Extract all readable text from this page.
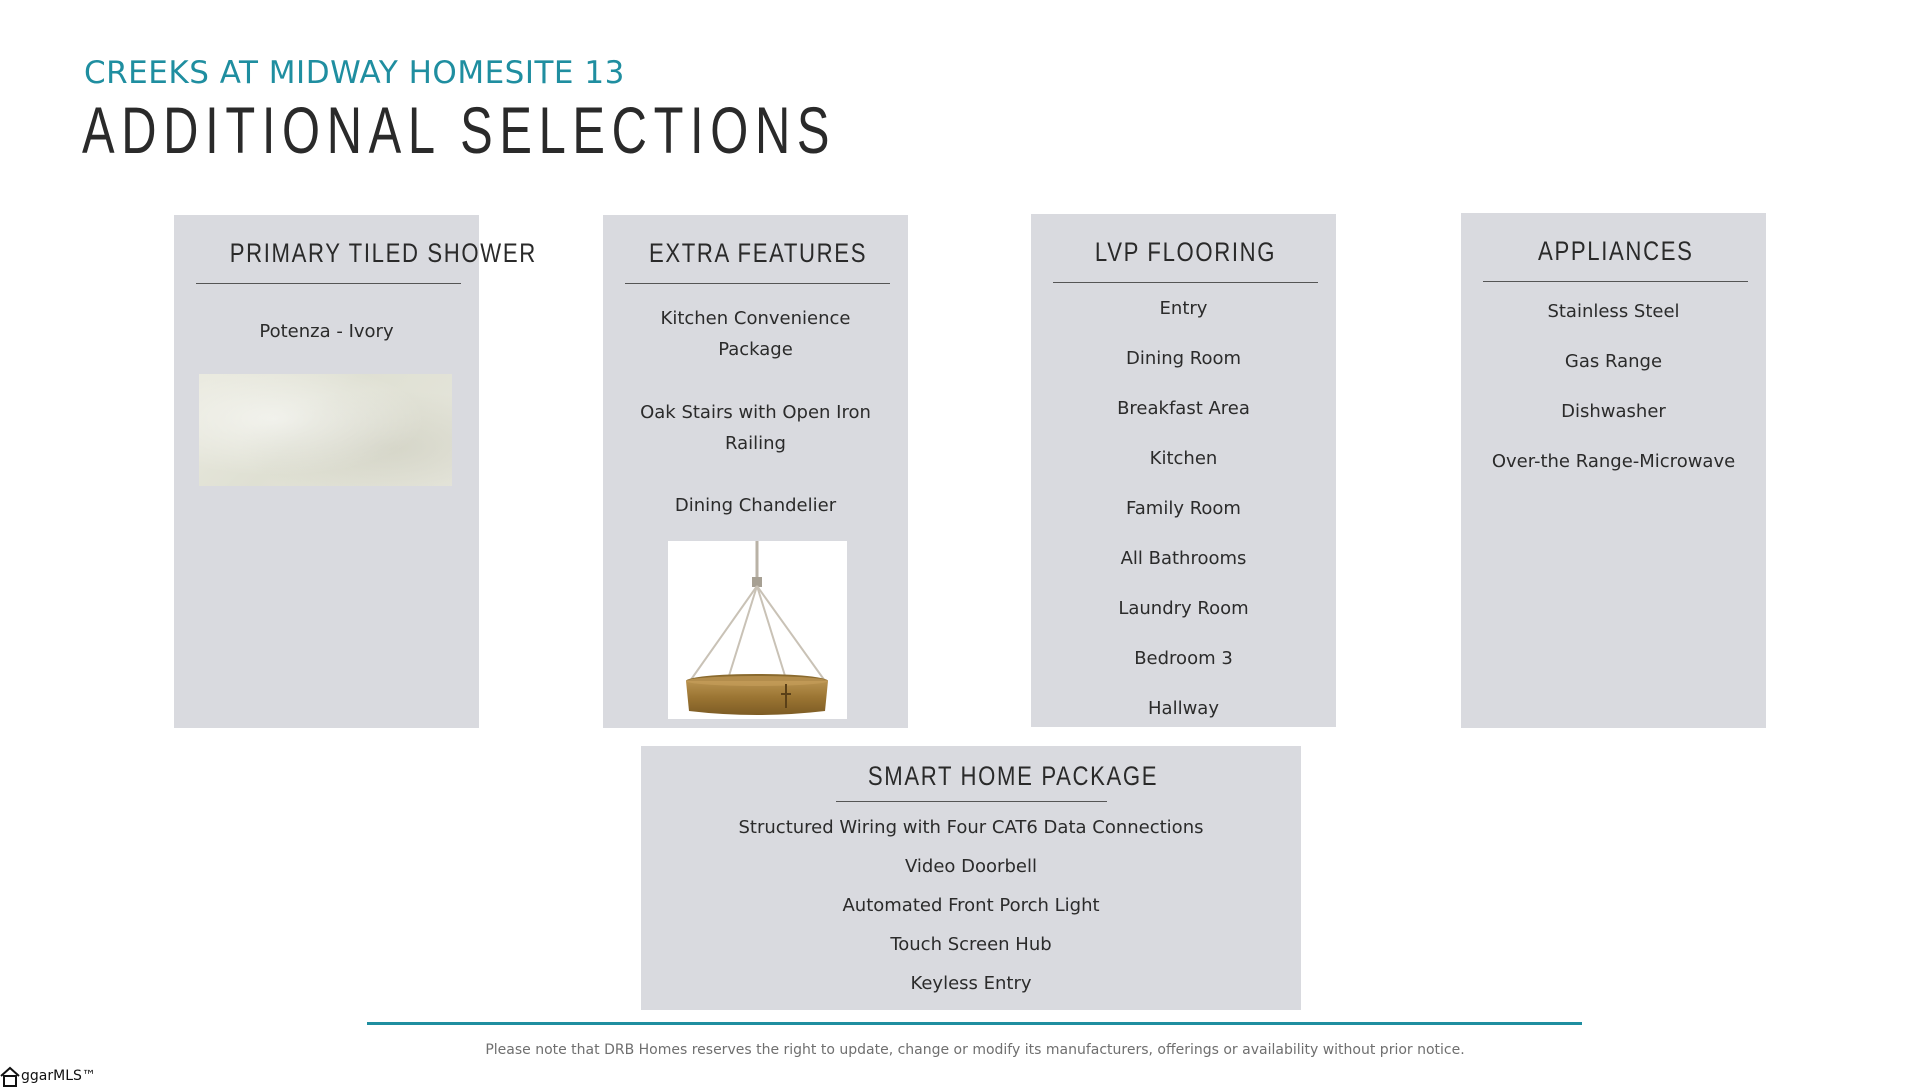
CREEKS AT MIDWAY HOMESITE 13
ADDITIONAL SELECTIONS
PRIMARY TILED SHOWER
Potenza - Ivory
EXTRA FEATURES
Kitchen Convenience
Package
Oak Stairs with Open Iron
Railing
Dining Chandelier
LVP FLOORING
Entry
Dining Room
Breakfast Area
Kitchen
Family Room
All Bathrooms
Laundry Room
Bedroom 3
Hallway
APPLIANCES
Stainless Steel
Gas Range
Dishwasher
Over-the Range-Microwave
SMART HOME PACKAGE
Structured Wiring with Four CAT6 Data Connections
Video Doorbell
Automated Front Porch Light
Touch Screen Hub
Keyless Entry
Please note that DRB Homes reserves the right to update, change or modify its manufacturers, offerings or availability without prior notice.
ggarMLS™
